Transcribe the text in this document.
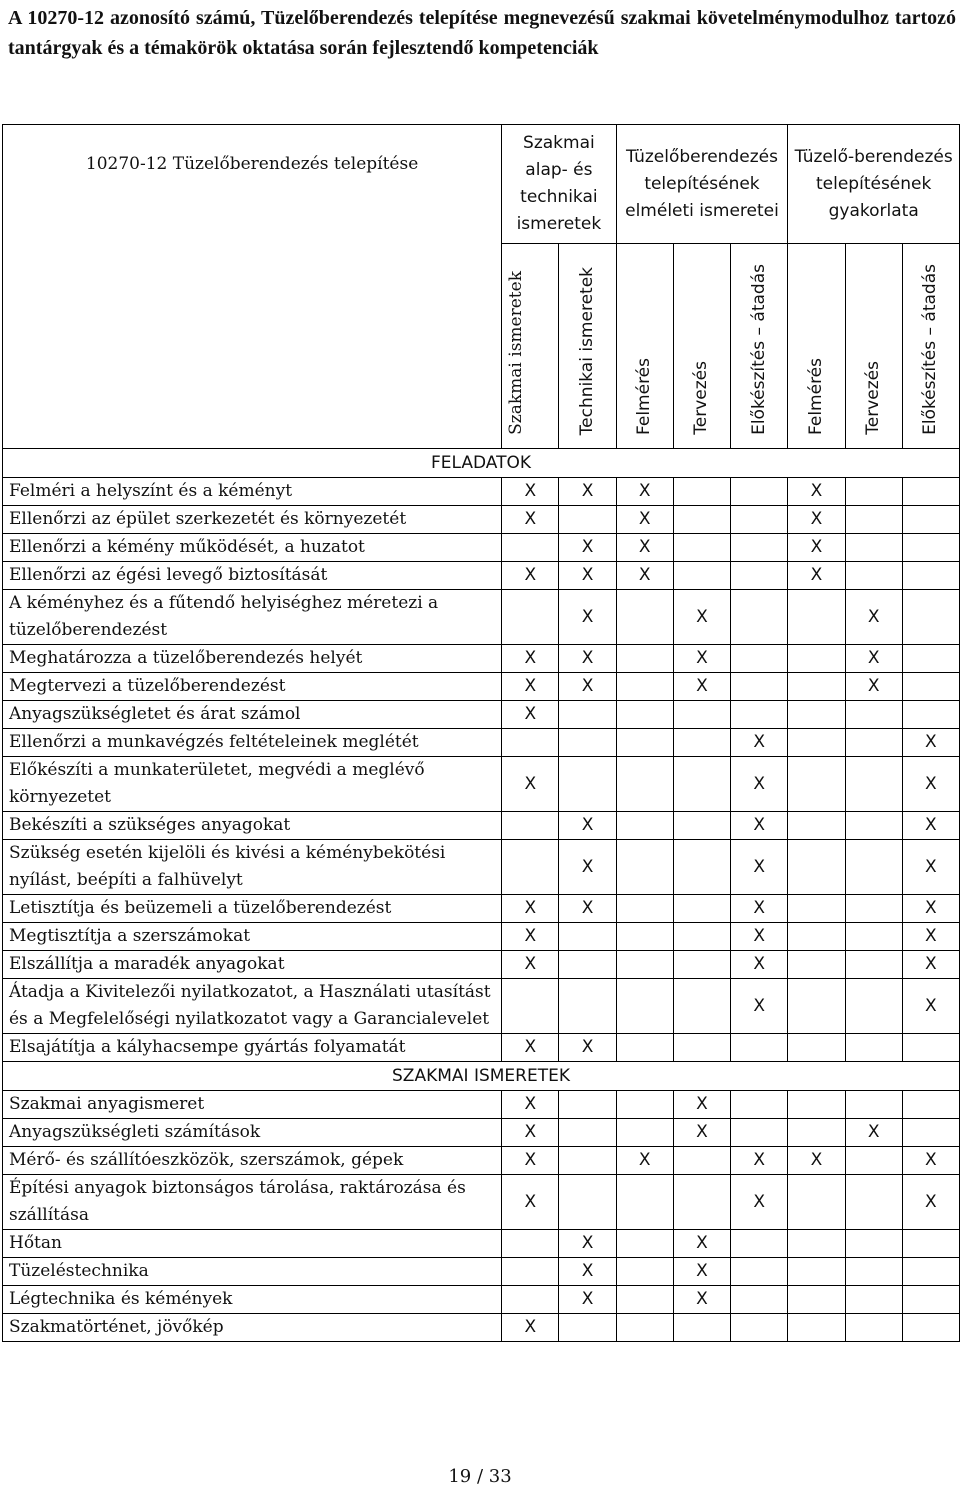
A 10270-12 azonosító számú, Tüzelőberendezés telepítése megnevezésű szakmai követelménymodulhoz tartozó tantárgyak és a témakörök oktatása során fejlesztendő kompetenciák

10270-12 Tüzelőberendezés telepítése	Szakmai alap- és technikai ismeretek		Tüzelőberendezés telepítésének elméleti ismeretei			Tüzelő-berendezés telepítésének gyakorlata		
	Szakmai ismeretek	Technikai ismeretek	Felmérés	Tervezés	Előkészítés – átadás	Felmérés	Tervezés	Előkészítés – átadás
FELADATOK								
Felméri a helyszínt és a kéményt	X	X	X			X		
Ellenőrzi az épület szerkezetét és környezetét	X		X			X		
Ellenőrzi a kémény működését, a huzatot		X	X			X		
Ellenőrzi az égési levegő biztosítását	X	X	X			X		
A kéményhez és a fűtendő helyiséghez méretezi a tüzelőberendezést		X		X			X	
Meghatározza a tüzelőberendezés helyét	X	X		X			X	
Megtervezi a tüzelőberendezést	X	X		X			X	
Anyagszükségletet és árat számol	X							
Ellenőrzi a munkavégzés feltételeinek meglétét					X			X
Előkészíti a munkaterületet, megvédi a meglévő környezetet	X				X			X
Bekészíti a szükséges anyagokat		X			X			X
Szükség esetén kijelöli és kivési a kéménybekötési nyílást, beépíti a falhüvelyt		X			X			X
Letisztítja és beüzemeli a tüzelőberendezést	X	X			X			X
Megtisztítja a szerszámokat	X				X			X
Elszállítja a maradék anyagokat	X				X			X
Átadja a Kivitelezői nyilatkozatot, a Használati utasítást és a Megfelelőségi nyilatkozatot vagy a Garancialevelet					X			X
Elsajátítja a kályhacsempe gyártás folyamatát	X	X						
SZAKMAI ISMERETEK								
Szakmai anyagismeret	X			X				
Anyagszükségleti számítások	X			X			X	
Mérő- és szállítóeszközök, szerszámok, gépek	X		X		X	X		X
Építési anyagok biztonságos tárolása, raktározása és szállítása	X				X			X
Hőtan		X		X				
Tüzeléstechnika		X		X				
Légtechnika és kémények		X		X				
Szakmatörténet, jövőkép	X							
19 / 33
